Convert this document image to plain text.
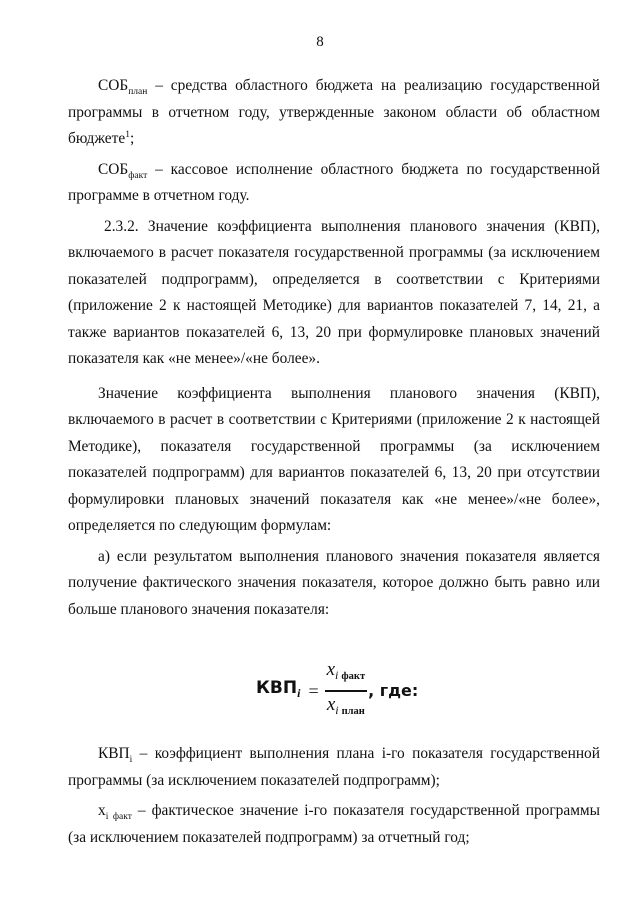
8

$СОБ_{план}$ – средства областного бюджета на реализацию государственной программы в отчетном году, утвержденные законом области об областном бюджете$^1$;

$СОБ_{факт}$ – кассовое исполнение областного бюджета по государственной программе в отчетном году.

2.3.2. Значение коэффициента выполнения планового значения (КВП), включаемого в расчет показателя государственной программы (за исключением показателей подпрограмм), определяется в соответствии с Критериями (приложение 2 к настоящей Методике) для вариантов показателей 7, 14, 21, а также вариантов показателей 6, 13, 20 при формулировке плановых значений показателя как «не менее»/«не более».

Значение коэффициента выполнения планового значения (КВП), включаемого в расчет в соответствии с Критериями (приложение 2 к настоящей Методике), показателя государственной программы (за исключением показателей подпрограмм) для вариантов показателей 6, 13, 20 при отсутствии формулировки плановых значений показателя как «не менее»/«не более», определяется по следующим формулам:

а) если результатом выполнения планового значения показателя является получение фактического значения показателя, которое должно быть равно или больше планового значения показателя:

$КВП_i = \frac{x_i _{факт}}{x_i _{план}}$ , где:

$КВП_i$ – коэффициент выполнения плана i-го показателя государственной программы (за исключением показателей подпрограмм);

$x_{i факт}$ – фактическое значение i-го показателя государственной программы (за исключением показателей подпрограмм) за отчетный год;
